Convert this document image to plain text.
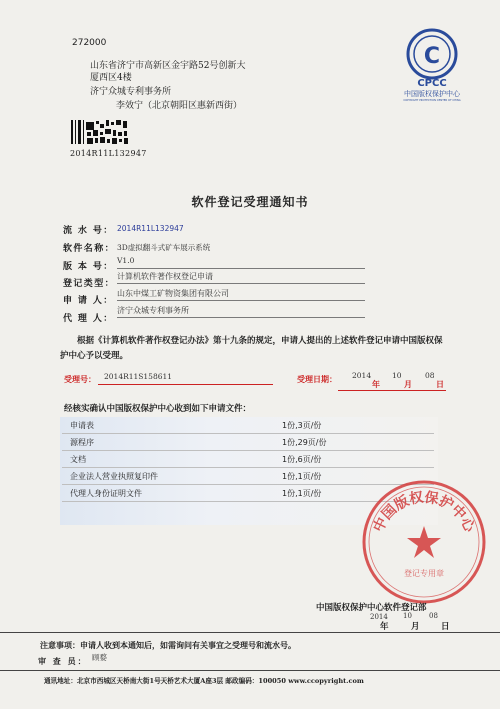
272000
山东省济宁市高新区金宇路52号创新大
厦西区4楼
济宁众城专利事务所
李效宁（北京朝阳区惠新西街）
2014R11L132947
C
CPCC
中国版权保护中心
COPYRIGHT PROTECTION CENTER OF CHINA
软件登记受理通知书
流 水 号： 2014R11L132947
软件名称： 3D虚拟翻斗式矿车展示系统
版 本 号：
V1.0
登记类型：
计算机软件著作权登记申请
申 请 人：
山东中煤工矿物资集团有限公司
代 理 人：
济宁众城专利事务所
根据《计算机软件著作权登记办法》第十九条的规定，申请人提出的上述软件登记申请中国版权保护中心予以受理。
受理号： 2014R11S158611	受理日期： 2014
年
10
月
08
日
经核实确认中国版权保护中心收到如下申请文件：
申请表	1份,3页/份
源程序	1份,29页/份
文档	1份,6页/份
企业法人营业执照复印件	1份,1页/份
代理人身份证明文件	1份,1页/份
中国版权保护中心
登记专用章
中国版权保护中心软件登记部
2014
年
10
月
08
日
注意事项：申请人收到本通知后，如需询问有关事宜之受理号和流水号。
审 查 员： 顾婺
通讯地址：北京市西城区天桥南大街1号天桥艺术大厦A座3层 邮政编码：100050 www.ccopyright.com
